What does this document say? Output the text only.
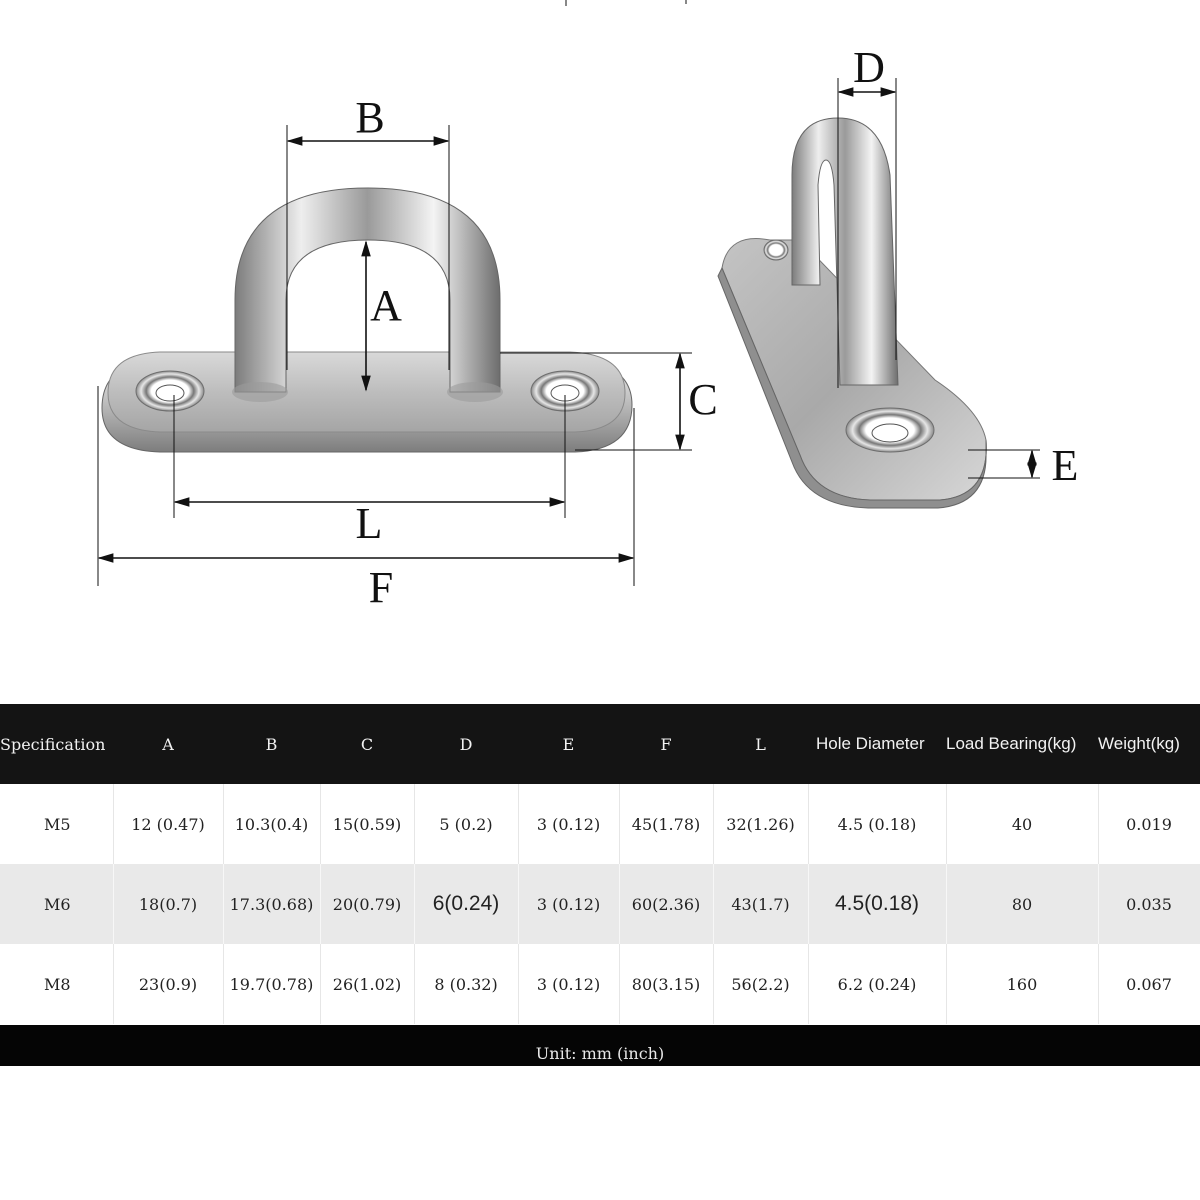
B
A
C
L
F
D
E
Specification	A	B	C	D	E	F	L	Hole Diameter	Load Bearing(kg)	Weight(kg)
M5	12 (0.47)	10.3(0.4)	15(0.59)	5 (0.2)	3 (0.12)	45(1.78)	32(1.26)	4.5 (0.18)	40	0.019
M6	18(0.7)	17.3(0.68)	20(0.79)	6(0.24)	3 (0.12)	60(2.36)	43(1.7)	4.5(0.18)	80	0.035
M8	23(0.9)	19.7(0.78)	26(1.02)	8 (0.32)	3 (0.12)	80(3.15)	56(2.2)	6.2 (0.24)	160	0.067
Unit: mm (inch)
